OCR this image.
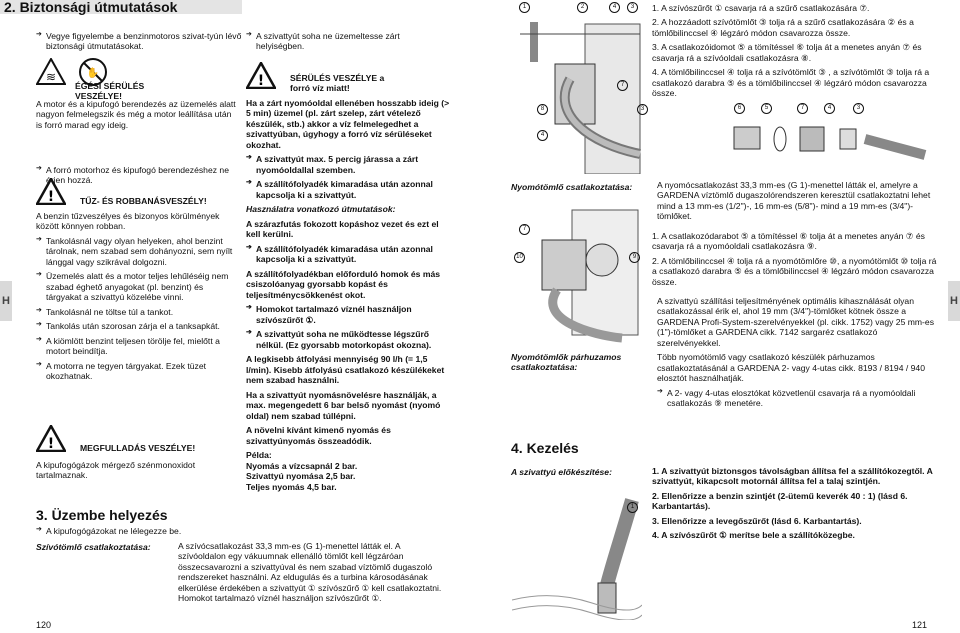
2. Biztonsági útmutatások
➔ Vegye figyelembe a benzinmotoros szivat-tyún lévő biztonsági útmutatásokat.
≋	✋
ÉGÉSI SÉRÜLÉS VESZÉLYE!
A motor és a kipufogó berendezés az üzemelés alatt nagyon felmelegszik és még a motor leállítása után is forró marad egy ideig.
➔ A forró motorhoz és kipufogó berendezéshez ne érjen hozzá.
!	TŰZ- ÉS ROBBANÁSVESZÉLY!
A benzin tűzveszélyes és bizonyos körülmények között könnyen robban.
➔ Tankolásnál vagy olyan helyeken, ahol benzint tárolnak, nem szabad sem dohányozni, sem nyílt lánggal vagy szikrával dolgozni.
➔ Üzemelés alatt és a motor teljes lehűléséig nem szabad éghető anyagokat (pl. benzint) és tárgyakat a szivattyú közelébe vinni.
➔ Tankolásnál ne töltse túl a tankot.
➔ Tankolás után szorosan zárja el a tanksapkát.
➔ A kiömlött benzint teljesen törölje fel, mielőtt a motort beindítja.
➔ A motorra ne tegyen tárgyakat. Ezek tüzet okozhatnak.
!	MEGFULLADÁS VESZÉLYE!
A kipufogógázok mérgező szénmonoxidot tartalmaznak.
➔ A kipufogógázokat ne lélegezze be.
3. Üzembe helyezés
Szívótömlő csatlakoztatása:	A szívócsatlakozást 33,3 mm-es (G 1)-menettel látták el. A szívóoldalon egy vákuumnak ellenálló tömlőt kell légzáróan összecsavarozni a szivattyúval és nem szabad víztömlő dugaszoló rendszereket használni. Az eldugulás és a turbina károsodásának elkerülése érdekében a szivattyút ① szívószűrő ① kell csatlakoztatni. Homokot tartalmazó víznél használjon szívószűrőt ①.
H
120
➔ A szivattyút soha ne üzemeltesse zárt helyiségben.
!	SÉRÜLÉS VESZÉLYE a forró víz miatt!
Ha a zárt nyomóoldal ellenében hosszabb ideig (> 5 min) üzemel (pl. zárt szelep, zárt vételező készülék, stb.) akkor a víz felmelegedhet a szivattyúban, úgyhogy a forró víz sérüléseket okozhat.
➔ A szivattyút max. 5 percig járassa a zárt nyomóoldallal szemben.
➔ A szállítófolyadék kimaradása után azonnal kapcsolja ki a szivattyút.
Használatra vonatkozó útmutatások:
A szárazfutás fokozott kopáshoz vezet és ezt el kell kerülni.
➔ A szállítófolyadék kimaradása után azonnal kapcsolja ki a szivattyút.
A szállítófolyadékban előforduló homok és más csiszolóanyag gyorsabb kopást és teljesítménycsökkenést okot.
➔ Homokot tartalmazó víznél használjon szívószűrőt ①.
➔ A szivattyút soha ne működtesse légszűrő nélkül. (Ez gyorsabb motorkopást okozna).
A legkisebb átfolyási mennyiség 90 l/h (= 1,5 l/min). Kisebb átfolyású csatlakozó készülékeket nem szabad használni.
Ha a szivattyút nyomásnövelésre használják, a max. megengedett 6 bar belső nyomást (nyomó oldal) nem szabad túllépni.
A növelni kívánt kimenő nyomás és szivattyúnyomás összeadódik.
Példa:
Nyomás a vízcsapnál 2 bar.
Szivattyú nyomása 2,5 bar.
Teljes nyomás 4,5 bar.
1	2	4	3
7
8
4
3	6	5	7	4	3
1. A szívószűrőt ① csavarja rá a szűrő csatlakozására ⑦.
2. A hozzáadott szívótömlőt ③ tolja rá a szűrő csatlakozására ② és a tömlőbilinccsel ④ légzáró módon csavarozza össze.
3. A csatlakozóidomot ⑤ a tömítéssel ⑥ tolja át a menetes anyán ⑦ és csavarja rá a szívóoldali csatlakozásra ⑧.
4. A tömlőbilinccsel ④ tolja rá a szívótömlőt ③ , a szívótömlőt ③ tolja rá a csatlakozó darabra ⑤ és a tömlőbilinccsel ④ légzáró módon csavarozza össze.
Nyomótömlő csatlakoztatása:	A nyomócsatlakozást 33,3 mm-es (G 1)-menettel látták el, amelyre a GARDENA víztömlő dugaszolórendszeren keresztül csatlakoztatni lehet mind a 13 mm-es (1/2")-, 16 mm-es (5/8")- mind a 19 mm-es (3/4")-tömlőket.
7
10	9
1. A csatlakozódarabot ⑤ a tömítéssel ⑥ tolja át a menetes anyán ⑦ és csavarja rá a nyomóoldali csatlakozásra ⑨.
2. A tömlőbilinccsel ④ tolja rá a nyomótömlőre ⑩, a nyomótömlőt ⑩ tolja rá a csatlakozó darabra ⑤ és a tömlőbilinccsel ④ légzáró módon csavarozza össze.
Nyomótömlők párhuzamos csatlakoztatása:
A szivattyú szállítási teljesítményének optimális kihasználását olyan csatlakozással érik el, ahol 19 mm (3/4")-tömlőket kötnek össze a GARDENA Profi-System-szerelvényekkel (pl. cikk. 1752) vagy 25 mm-es (1")-tömlőket a GARDENA cikk. 7142 sargaréz csatlakozó szerelvényekkel.
Több nyomótömlő vagy csatlakozó készülék párhuzamos csatlakoztatásánál a GARDENA 2- vagy 4-utas cikk. 8193 / 8194 / 940 elosztót használhatják.
➔ A 2- vagy 4-utas elosztókat közvetlenül csavarja rá a nyomóoldali csatlakozás ⑨ menetére.
4. Kezelés
A szivattyú előkészítése:	1. A szivattyút biztonsgos távolságban állítsa fel a szállítókozegtől. A szivattyút, kikapcsolt motornál állítsa fel a talaj szintjén.
2. Ellenőrizze a benzin szintjét (2-ütemű keverék 40 : 1) (lásd 6. Karbantartás).
3. Ellenőrizze a levegőszűrőt (lásd 6. Karbantartás).
4. A szívószűrőt ① merítse bele a szállítóközegbe.
1
H
121
